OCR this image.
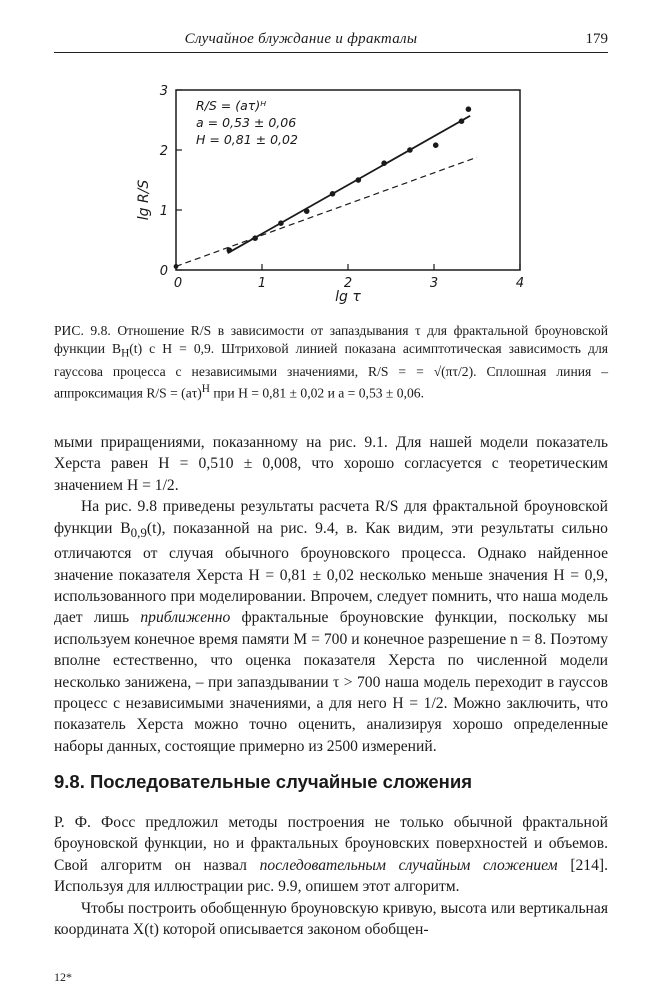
Случайное блуждание и фракталы	179
0
1
2
3
0	1	2	3	4
lg R/S
lg τ
R/S = (aτ)ᴴ
a = 0,53 ± 0,06
H = 0,81 ± 0,02
РИС. 9.8. Отношение R/S в зависимости от запаздывания τ для фрактальной броуновской функции $B_H(t)$ с H = 0,9. Штриховой линией показана асимптотическая зависимость для гауссова процесса с независимыми значениями, R/S = = √(πτ/2). Сплошная линия – аппроксимация $R/S = (a\tau)^H$ при H = 0,81 ± 0,02 и a = 0,53 ± 0,06.

мыми приращениями, показанному на рис. 9.1. Для нашей модели показатель Херста равен H = 0,510 ± 0,008, что хорошо согласуется с теоретическим значением H = 1/2.

На рис. 9.8 приведены результаты расчета R/S для фрактальной броуновской функции $B_{0,9}(t)$, показанной на рис. 9.4, в. Как видим, эти результаты сильно отличаются от случая обычного броуновского процесса. Однако найденное значение показателя Херста H = 0,81 ± 0,02 несколько меньше значения H = 0,9, использованного при моделировании. Впрочем, следует помнить, что наша модель дает лишь приближенно фрактальные броуновские функции, поскольку мы используем конечное время памяти M = 700 и конечное разрешение n = 8. Поэтому вполне естественно, что оценка показателя Херста по численной модели несколько занижена, – при запаздывании τ > 700 наша модель переходит в гауссов процесс с независимыми значениями, а для него H = 1/2. Можно заключить, что показатель Херста можно точно оценить, анализируя хорошо определенные наборы данных, состоящие примерно из 2500 измерений.

9.8. Последовательные случайные сложения

Р. Ф. Фосс предложил методы построения не только обычной фрактальной броуновской функции, но и фрактальных броуновских поверхностей и объемов. Свой алгоритм он назвал последовательным случайным сложением [214]. Используя для иллюстрации рис. 9.9, опишем этот алгоритм.

Чтобы построить обобщенную броуновскую кривую, высота или вертикальная координата X(t) которой описывается законом обобщен-

12*
